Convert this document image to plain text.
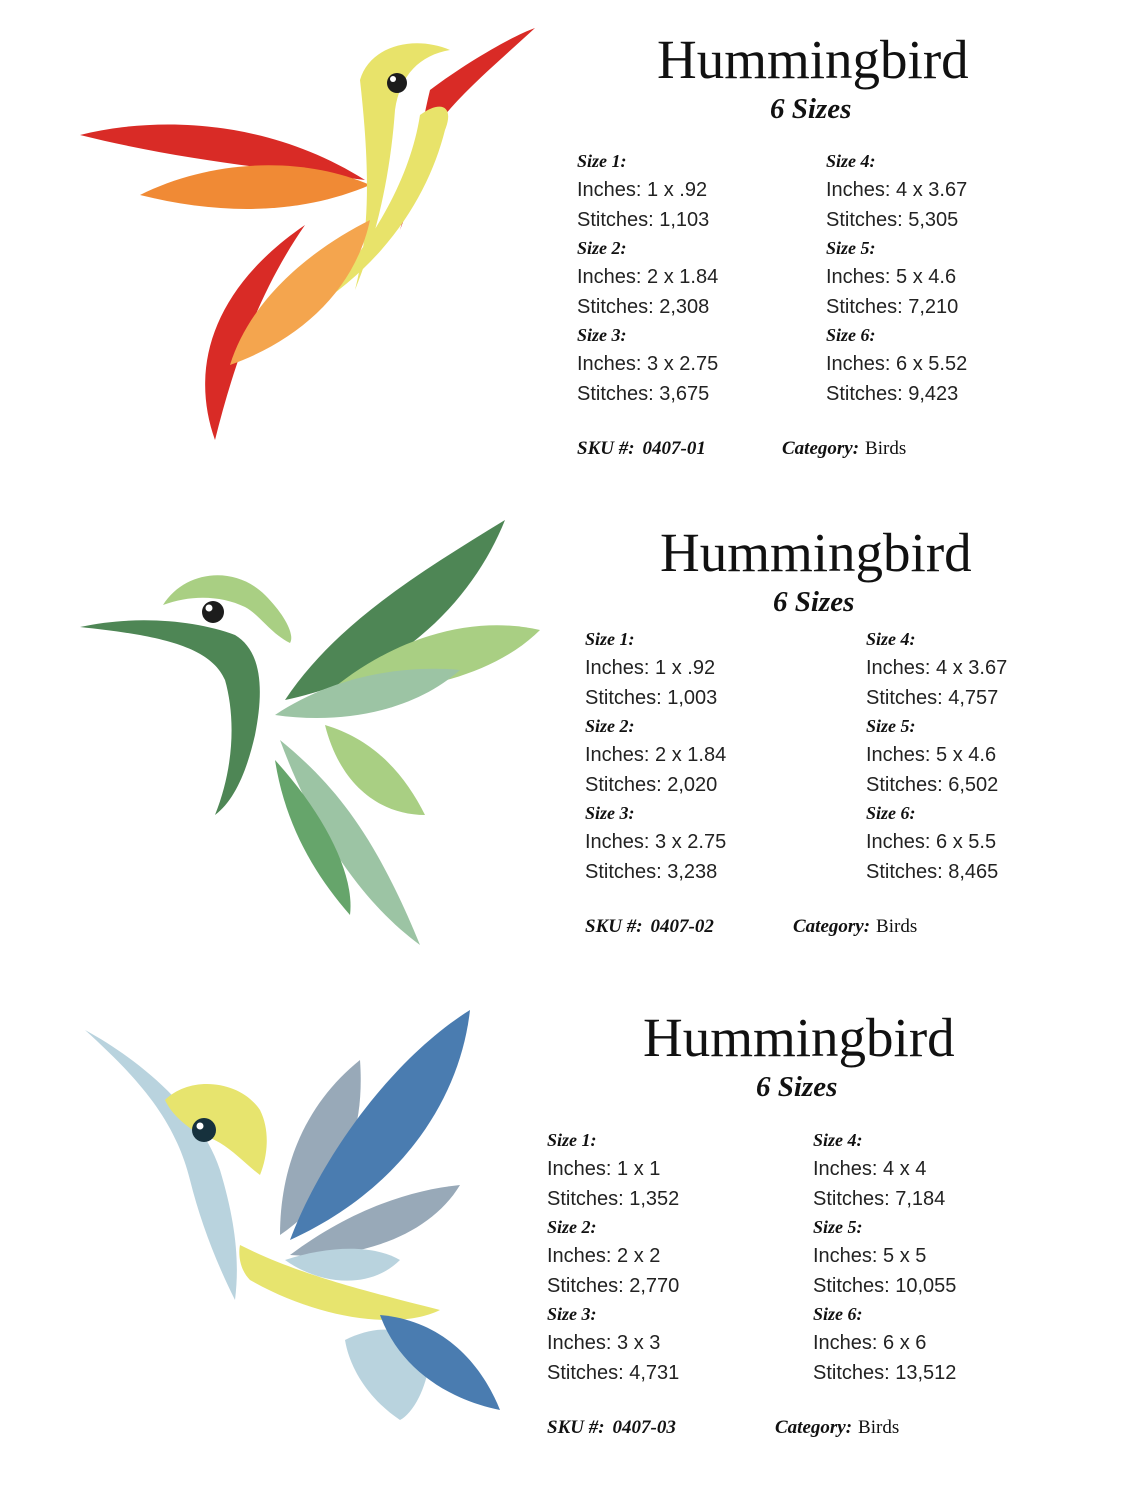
Hummingbird
6 Sizes
Size 1:
Inches: 1 x .92
Stitches: 1,103
Size 2:
Inches: 2 x 1.84
Stitches: 2,308
Size 3:
Inches: 3 x 2.75
Stitches: 3,675
Size 4:
Inches: 4 x 3.67
Stitches: 5,305
Size 5:
Inches: 5 x 4.6
Stitches: 7,210
Size 6:
Inches: 6 x 5.52
Stitches: 9,423
SKU #: 0407-01	Category: Birds
Hummingbird
6 Sizes
Size 1:
Inches: 1 x .92
Stitches: 1,003
Size 2:
Inches: 2 x 1.84
Stitches: 2,020
Size 3:
Inches: 3 x 2.75
Stitches: 3,238
Size 4:
Inches: 4 x 3.67
Stitches: 4,757
Size 5:
Inches: 5 x 4.6
Stitches: 6,502
Size 6:
Inches: 6 x 5.5
Stitches: 8,465
SKU #: 0407-02	Category: Birds
Hummingbird
6 Sizes
Size 1:
Inches: 1 x 1
Stitches: 1,352
Size 2:
Inches: 2 x 2
Stitches: 2,770
Size 3:
Inches: 3 x 3
Stitches: 4,731
Size 4:
Inches: 4 x 4
Stitches: 7,184
Size 5:
Inches: 5 x 5
Stitches: 10,055
Size 6:
Inches: 6 x 6
Stitches: 13,512
SKU #: 0407-03	Category: Birds
